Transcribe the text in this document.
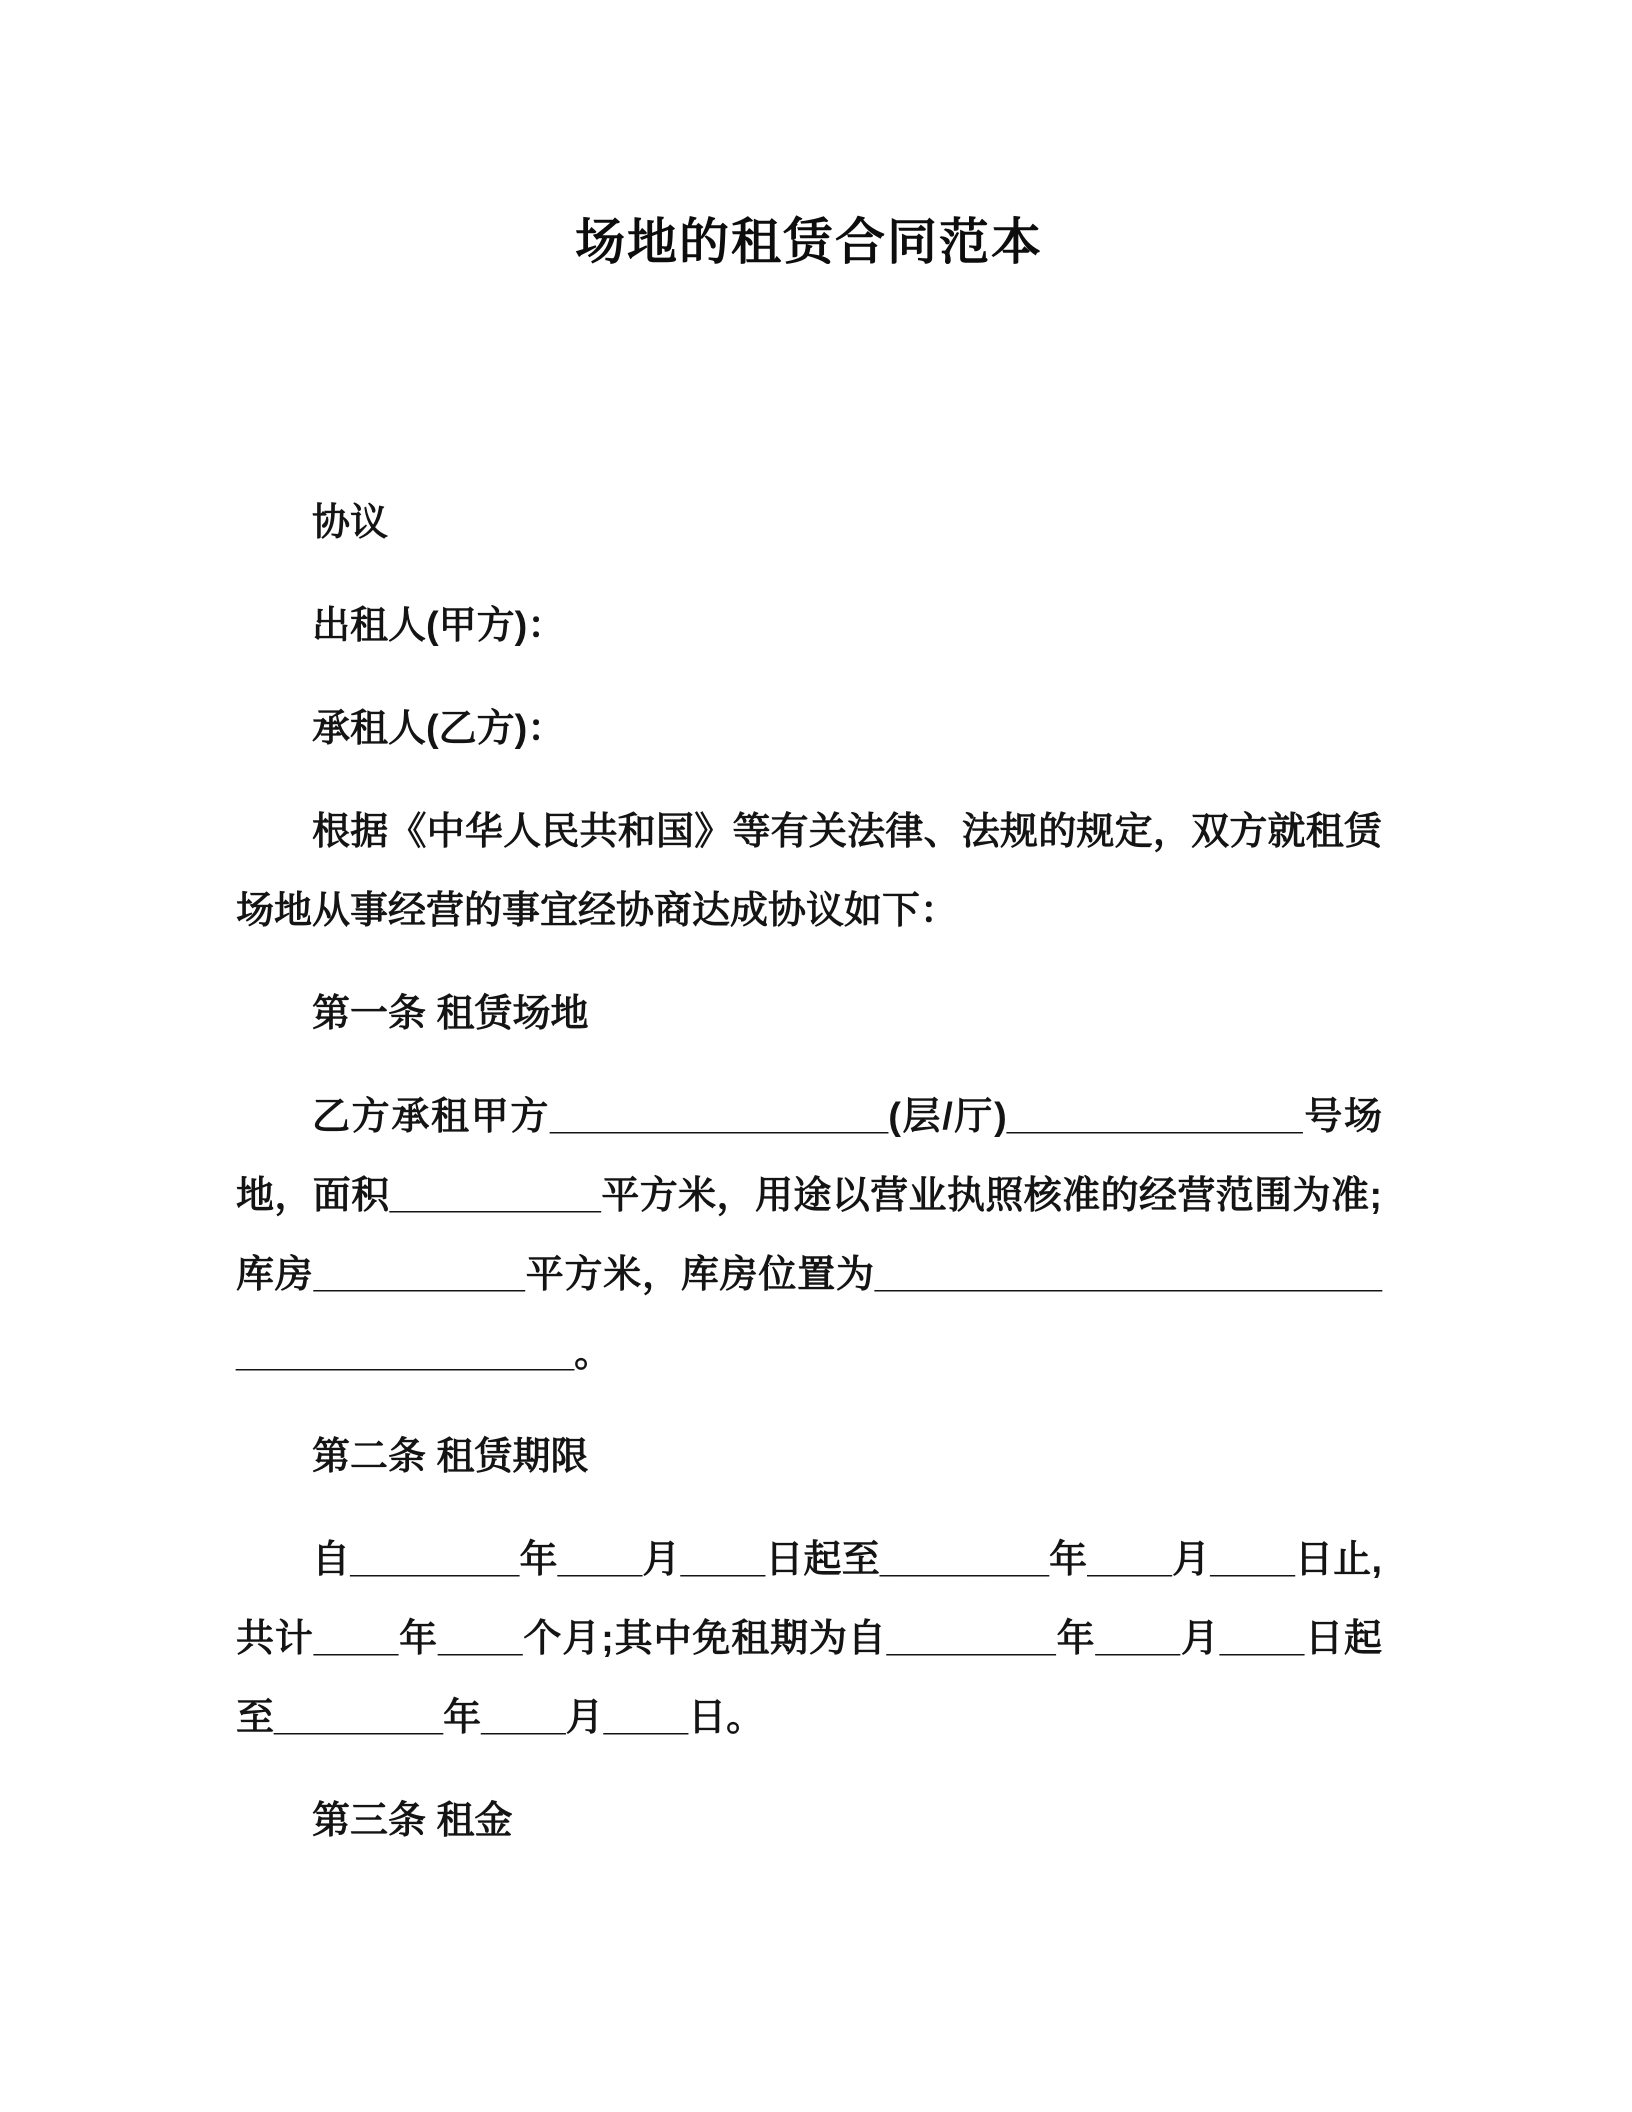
场地的租赁合同范本

协议

出租人(甲方)：

承租人(乙方)：

根据《中华人民共和国》等有关法律、法规的规定，双方就租赁场地从事经营的事宜经协商达成协议如下：

第一条 租赁场地

乙方承租甲方________________(层/厅)______________号场地，面积__________平方米，用途以营业执照核准的经营范围为准;库房__________平方米，库房位置为________________________________________。

第二条 租赁期限

自________年____月____日起至________年____月____日止,共计____年____个月;其中免租期为自________年____月____日起至________年____月____日。

第三条 租金
